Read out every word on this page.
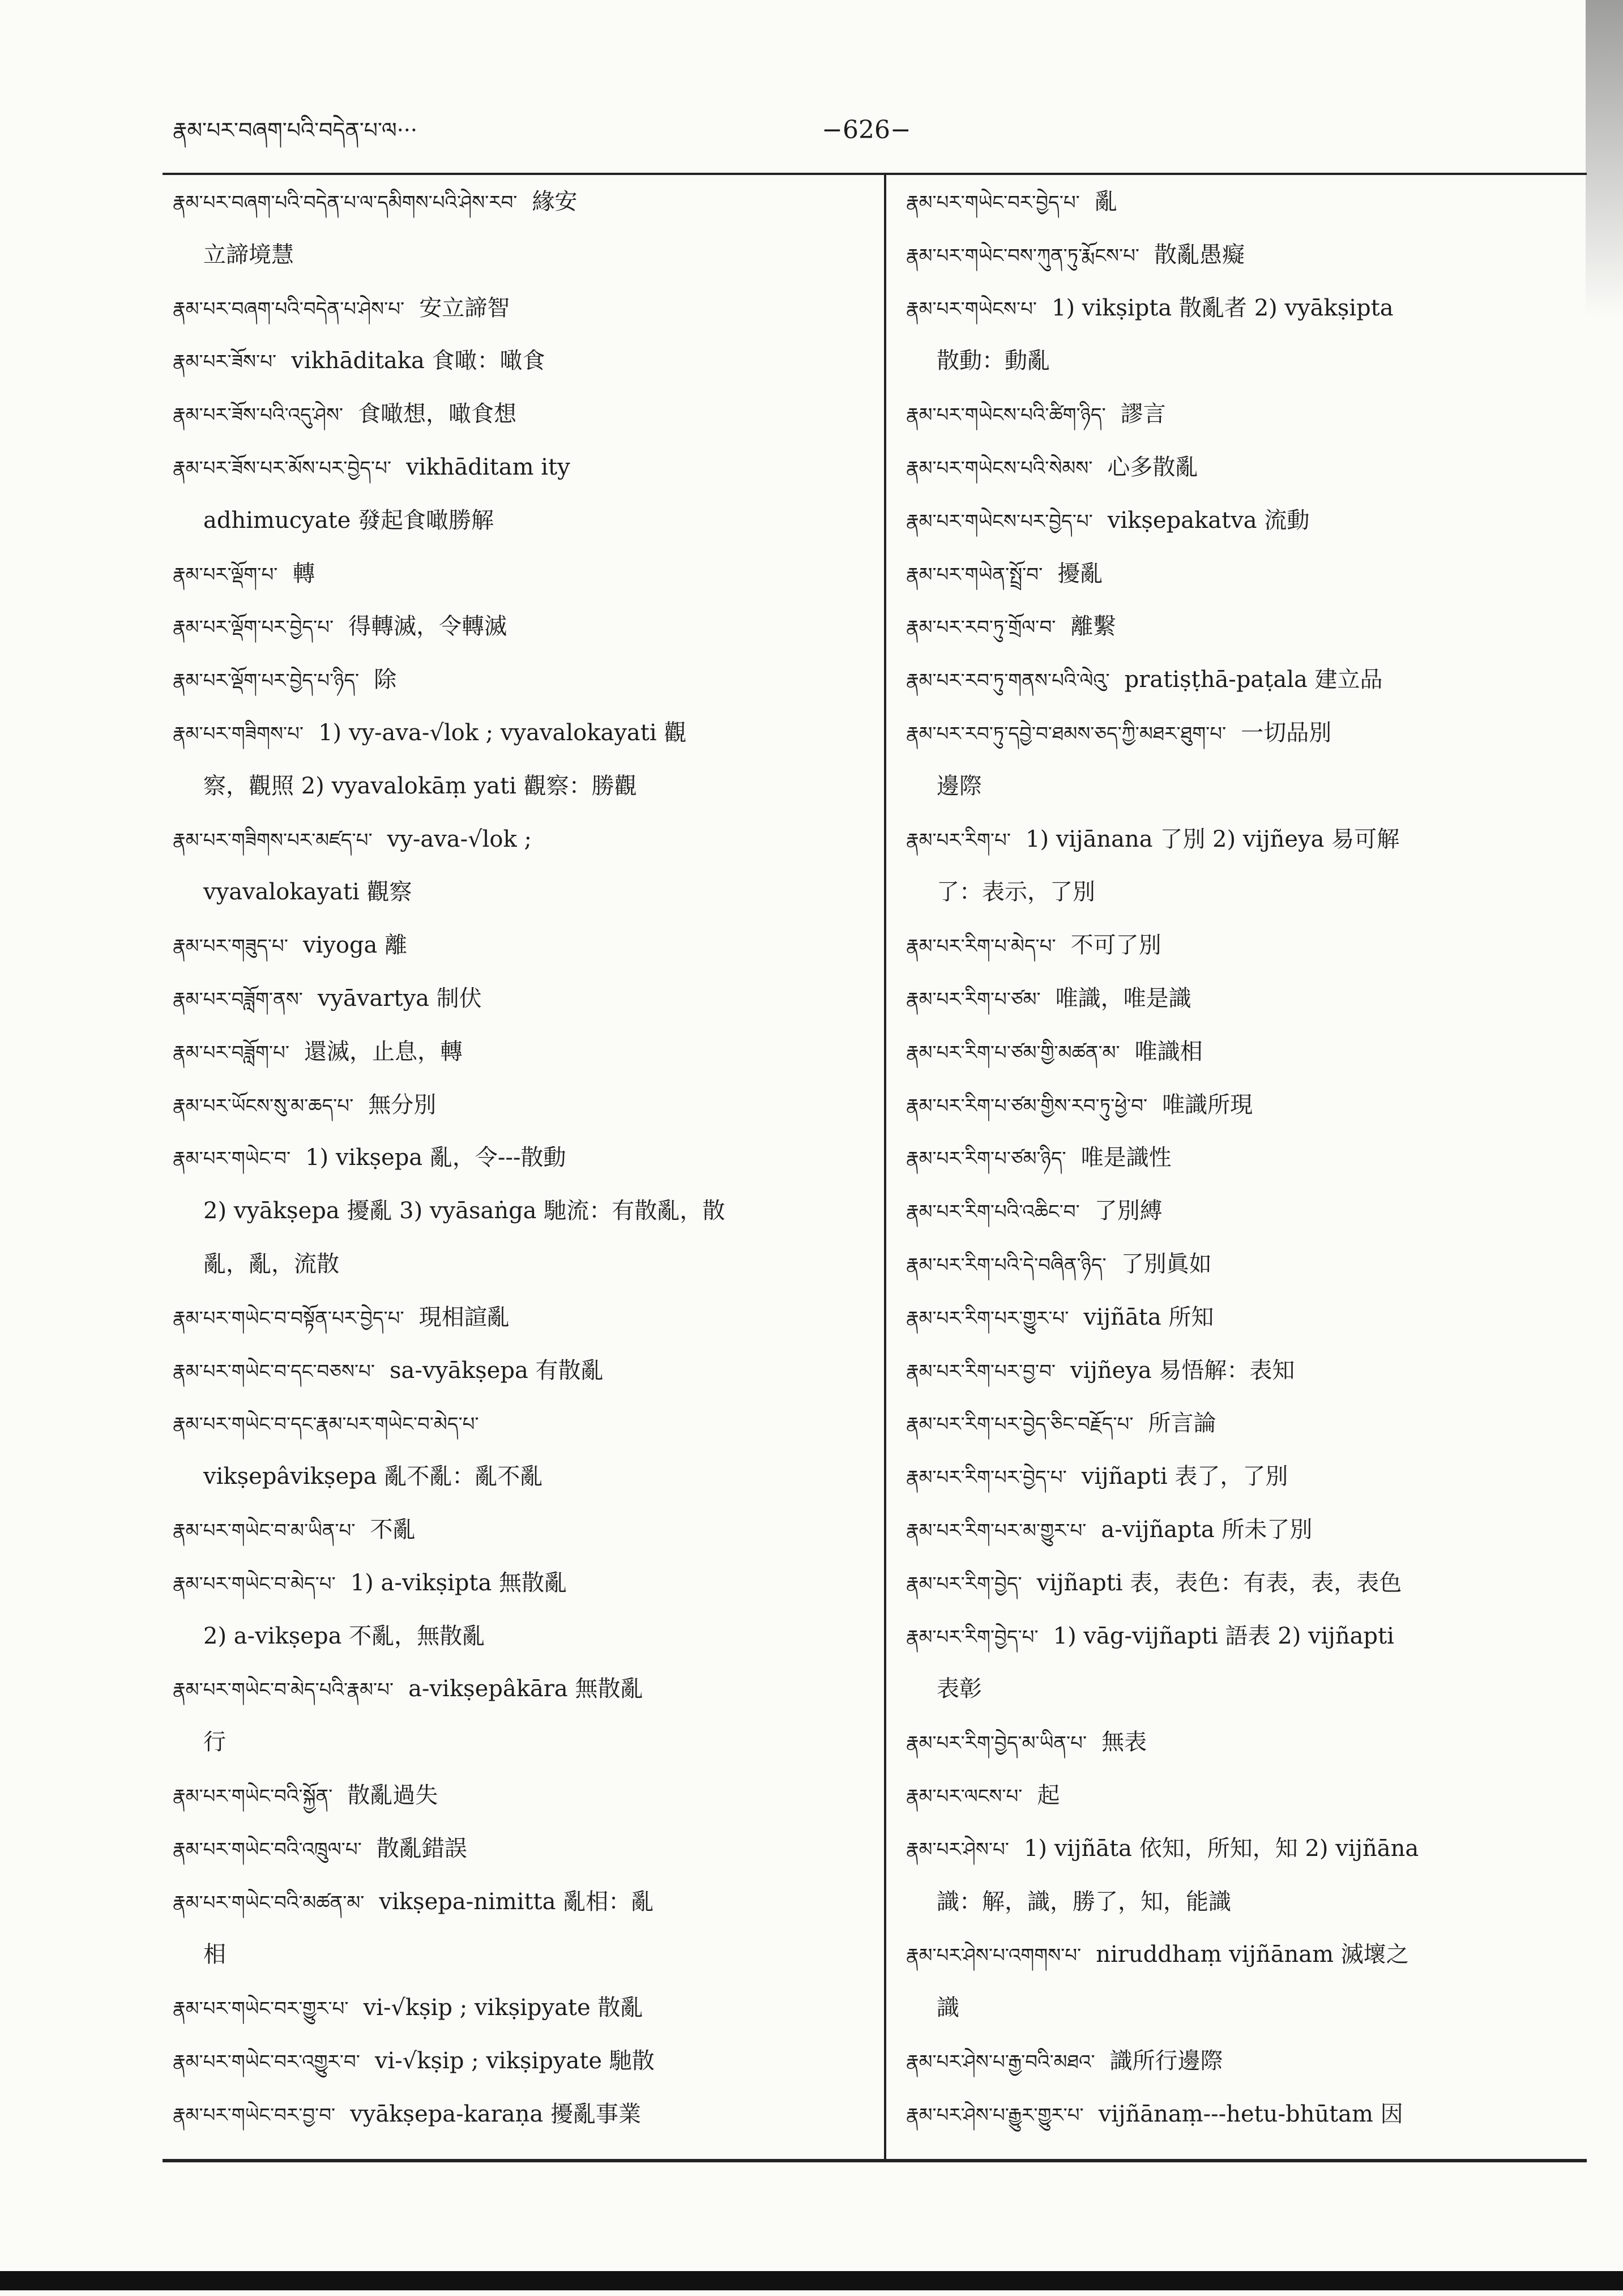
རྣམ་པར་བཞག་པའི་བདེན་པ་ལ···	−626−
རྣམ་པར་བཞག་པའི་བདེན་པ་ལ་དམིགས་པའི་ཤེས་རབ་ 緣安
立諦境慧
རྣམ་པར་བཞག་པའི་བདེན་པ་ཤེས་པ་ 安立諦智
རྣམ་པར་ཟོས་པ་ vikhāditaka 食噉：噉食
རྣམ་པར་ཟོས་པའི་འདུ་ཤེས་ 食噉想，噉食想
རྣམ་པར་ཟོས་པར་མོས་པར་བྱེད་པ་ vikhāditam ity
adhimucyate 發起食噉勝解
རྣམ་པར་ལྡོག་པ་ 轉
རྣམ་པར་ལྡོག་པར་བྱེད་པ་ 得轉滅，令轉滅
རྣམ་པར་ལྡོག་པར་བྱེད་པ་ཉིད་ 除
རྣམ་པར་གཟིགས་པ་ 1) vy-ava-√lok ; vyavalokayati 觀
察，觀照 2) vyavalokāṃ yati 觀察：勝觀
རྣམ་པར་གཟིགས་པར་མཛད་པ་ vy-ava-√lok ;
vyavalokayati 觀察
རྣམ་པར་གཟུད་པ་ viyoga 離
རྣམ་པར་བཟློག་ནས་ vyāvartya 制伏
རྣམ་པར་བཟློག་པ་ 還滅，止息，轉
རྣམ་པར་ཡོངས་སུ་མ་ཆད་པ་ 無分別
རྣམ་པར་གཡེང་བ་ 1) vikṣepa 亂，令---散動
2) vyākṣepa 擾亂 3) vyāsaṅga 馳流：有散亂，散
亂，亂，流散
རྣམ་པར་གཡེང་བ་བསྟོན་པར་བྱེད་པ་ 現相諠亂
རྣམ་པར་གཡེང་བ་དང་བཅས་པ་ sa-vyākṣepa 有散亂
རྣམ་པར་གཡེང་བ་དང་རྣམ་པར་གཡེང་བ་མེད་པ་
vikṣepâvikṣepa 亂不亂：亂不亂
རྣམ་པར་གཡེང་བ་མ་ཡིན་པ་ 不亂
རྣམ་པར་གཡེང་བ་མེད་པ་ 1) a-vikṣipta 無散亂
2) a-vikṣepa 不亂，無散亂
རྣམ་པར་གཡེང་བ་མེད་པའི་རྣམ་པ་ a-vikṣepâkāra 無散亂
行
རྣམ་པར་གཡེང་བའི་སྐྱོན་ 散亂過失
རྣམ་པར་གཡེང་བའི་འཁྲུལ་པ་ 散亂錯誤
རྣམ་པར་གཡེང་བའི་མཚན་མ་ vikṣepa-nimitta 亂相：亂
相
རྣམ་པར་གཡེང་བར་གྱུར་པ་ vi-√kṣip ; vikṣipyate 散亂
རྣམ་པར་གཡེང་བར་འགྱུར་བ་ vi-√kṣip ; vikṣipyate 馳散
རྣམ་པར་གཡེང་བར་བྱ་བ་ vyākṣepa-karaṇa 擾亂事業
རྣམ་པར་གཡེང་བར་བྱེད་པ་ 亂
རྣམ་པར་གཡེང་བས་ཀུན་ཏུ་རྨོངས་པ་ 散亂愚癡
རྣམ་པར་གཡེངས་པ་ 1) vikṣipta 散亂者 2) vyākṣipta
散動：動亂
རྣམ་པར་གཡེངས་པའི་ཚིག་ཉིད་ 謬言
རྣམ་པར་གཡེངས་པའི་སེམས་ 心多散亂
རྣམ་པར་གཡེངས་པར་བྱེད་པ་ vikṣepakatva 流動
རྣམ་པར་གཡེན་སྤྲོ་བ་ 擾亂
རྣམ་པར་རབ་ཏུ་གྲོལ་བ་ 離繫
རྣམ་པར་རབ་ཏུ་གནས་པའི་ལེའུ་ pratiṣṭhā-paṭala 建立品
རྣམ་པར་རབ་ཏུ་དབྱེ་བ་ཐམས་ཅད་ཀྱི་མཐར་ཐུག་པ་ 一切品別
邊際
རྣམ་པར་རིག་པ་ 1) vijānana 了別 2) vijñeya 易可解
了：表示，了別
རྣམ་པར་རིག་པ་མེད་པ་ 不可了別
རྣམ་པར་རིག་པ་ཙམ་ 唯識，唯是識
རྣམ་པར་རིག་པ་ཙམ་གྱི་མཚན་མ་ 唯識相
རྣམ་པར་རིག་པ་ཙམ་གྱིས་རབ་ཏུ་ཕྱེ་བ་ 唯識所現
རྣམ་པར་རིག་པ་ཙམ་ཉིད་ 唯是識性
རྣམ་པར་རིག་པའི་འཆིང་བ་ 了別縛
རྣམ་པར་རིག་པའི་དེ་བཞིན་ཉིད་ 了別眞如
རྣམ་པར་རིག་པར་གྱུར་པ་ vijñāta 所知
རྣམ་པར་རིག་པར་བྱ་བ་ vijñeya 易悟解：表知
རྣམ་པར་རིག་པར་བྱེད་ཅིང་བརྗོད་པ་ 所言論
རྣམ་པར་རིག་པར་བྱེད་པ་ vijñapti 表了，了別
རྣམ་པར་རིག་པར་མ་གྱུར་པ་ a-vijñapta 所未了別
རྣམ་པར་རིག་བྱེད་ vijñapti 表，表色：有表，表，表色
རྣམ་པར་རིག་བྱེད་པ་ 1) vāg-vijñapti 語表 2) vijñapti
表彰
རྣམ་པར་རིག་བྱེད་མ་ཡིན་པ་ 無表
རྣམ་པར་ལངས་པ་ 起
རྣམ་པར་ཤེས་པ་ 1) vijñāta 依知，所知，知 2) vijñāna
識：解，識，勝了，知，能識
རྣམ་པར་ཤེས་པ་འགགས་པ་ niruddhaṃ vijñānam 滅壞之
識
རྣམ་པར་ཤེས་པ་རྒྱ་བའི་མཐའ་ 識所行邊際
རྣམ་པར་ཤེས་པ་རྒྱུར་གྱུར་པ་ vijñānaṃ---hetu-bhūtam 因
